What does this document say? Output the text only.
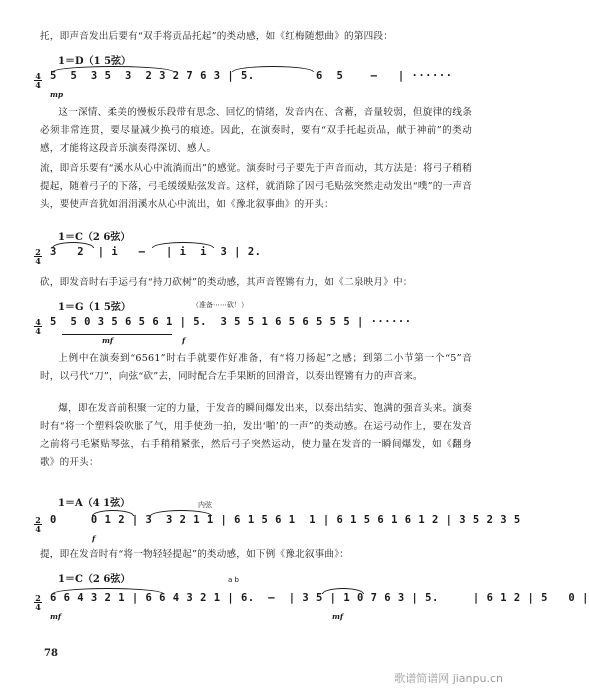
托，即声音发出后要有“双手将贡品托起”的类动感，如《红梅随想曲》的第四段：

1＝D（1 5弦）
4
4
5  5  3 5  3  2 3 2 7 6 3 | 5.         6  5    —   | ······
mp

这一深情、柔美的慢板乐段带有思念、回忆的情绪，发音内在、含蓄，音量较弱，但旋律的线条必须非常连贯，要尽量减少换弓的痕迹。因此，在演奏时，要有“双手托起贡品，献于神前”的类动感，才能将这段音乐演奏得深切、感人。

流，即音乐要有“溪水从心中流淌而出”的感觉。演奏时弓子要先于声音而动，其方法是：将弓子稍稍提起，随着弓子的下落，弓毛缓缓贴弦发音。这样，就消除了因弓毛贴弦突然走动发出“噗”的一声音头，要使声音犹如涓涓溪水从心中流出，如《豫北叙事曲》的开头：

1＝C（2 6弦）
2
4
3   2  | i   —   | i  i  3 | 2.

砍，即发音时右手运弓有“持刀砍树”的类动感，其声音铿锵有力，如《二泉映月》中：

1＝G（1 5弦）
4
4
5  5 0 3 5 6 5 6 1 | 5.  3 5 5 1 6 5 6 5 5 5 | ······
（准备⋯⋯砍！）
mf	f

上例中在演奏到“6561”时右手就要作好准备，有“将刀扬起”之感；到第二小节第一个“5”音时，以弓代“刀”，向弦“砍”去，同时配合左手果断的回滑音，以奏出铿锵有力的声音来。

爆，即在发音前积聚一定的力量，于发音的瞬间爆发出来，以奏出结实、饱满的强音头来。演奏时有“将一个塑料袋吹胀了气，用手使劲一拍，发出‘啪’的一声”的类动感。在运弓动作上，要在发音之前将弓毛紧贴琴弦，右手稍稍紧张，然后弓子突然运动，使力量在发音的一瞬间爆发，如《翻身歌》的开头：

1＝A（4 1弦）
2
4
0     0 1 2 | 3  3 2 1 1 | 6 1 5 6 1  1 | 6 1 5 6 1 6 1 2 | 3 5 2 3 5
内弦
f

提，即在发音时有“将一物轻轻提起”的类动感，如下例《豫北叙事曲》：

1＝C（2 6弦）
2
4
6 6 4 3 2 1 | 6 6 4 3 2 1 | 6.  —  | 3 5 | 1 0 7 6 3 | 5.     | 6 1 2 | 5   0 |
a b
mf	mf
78
歌谱简谱网 jianpu.cn
